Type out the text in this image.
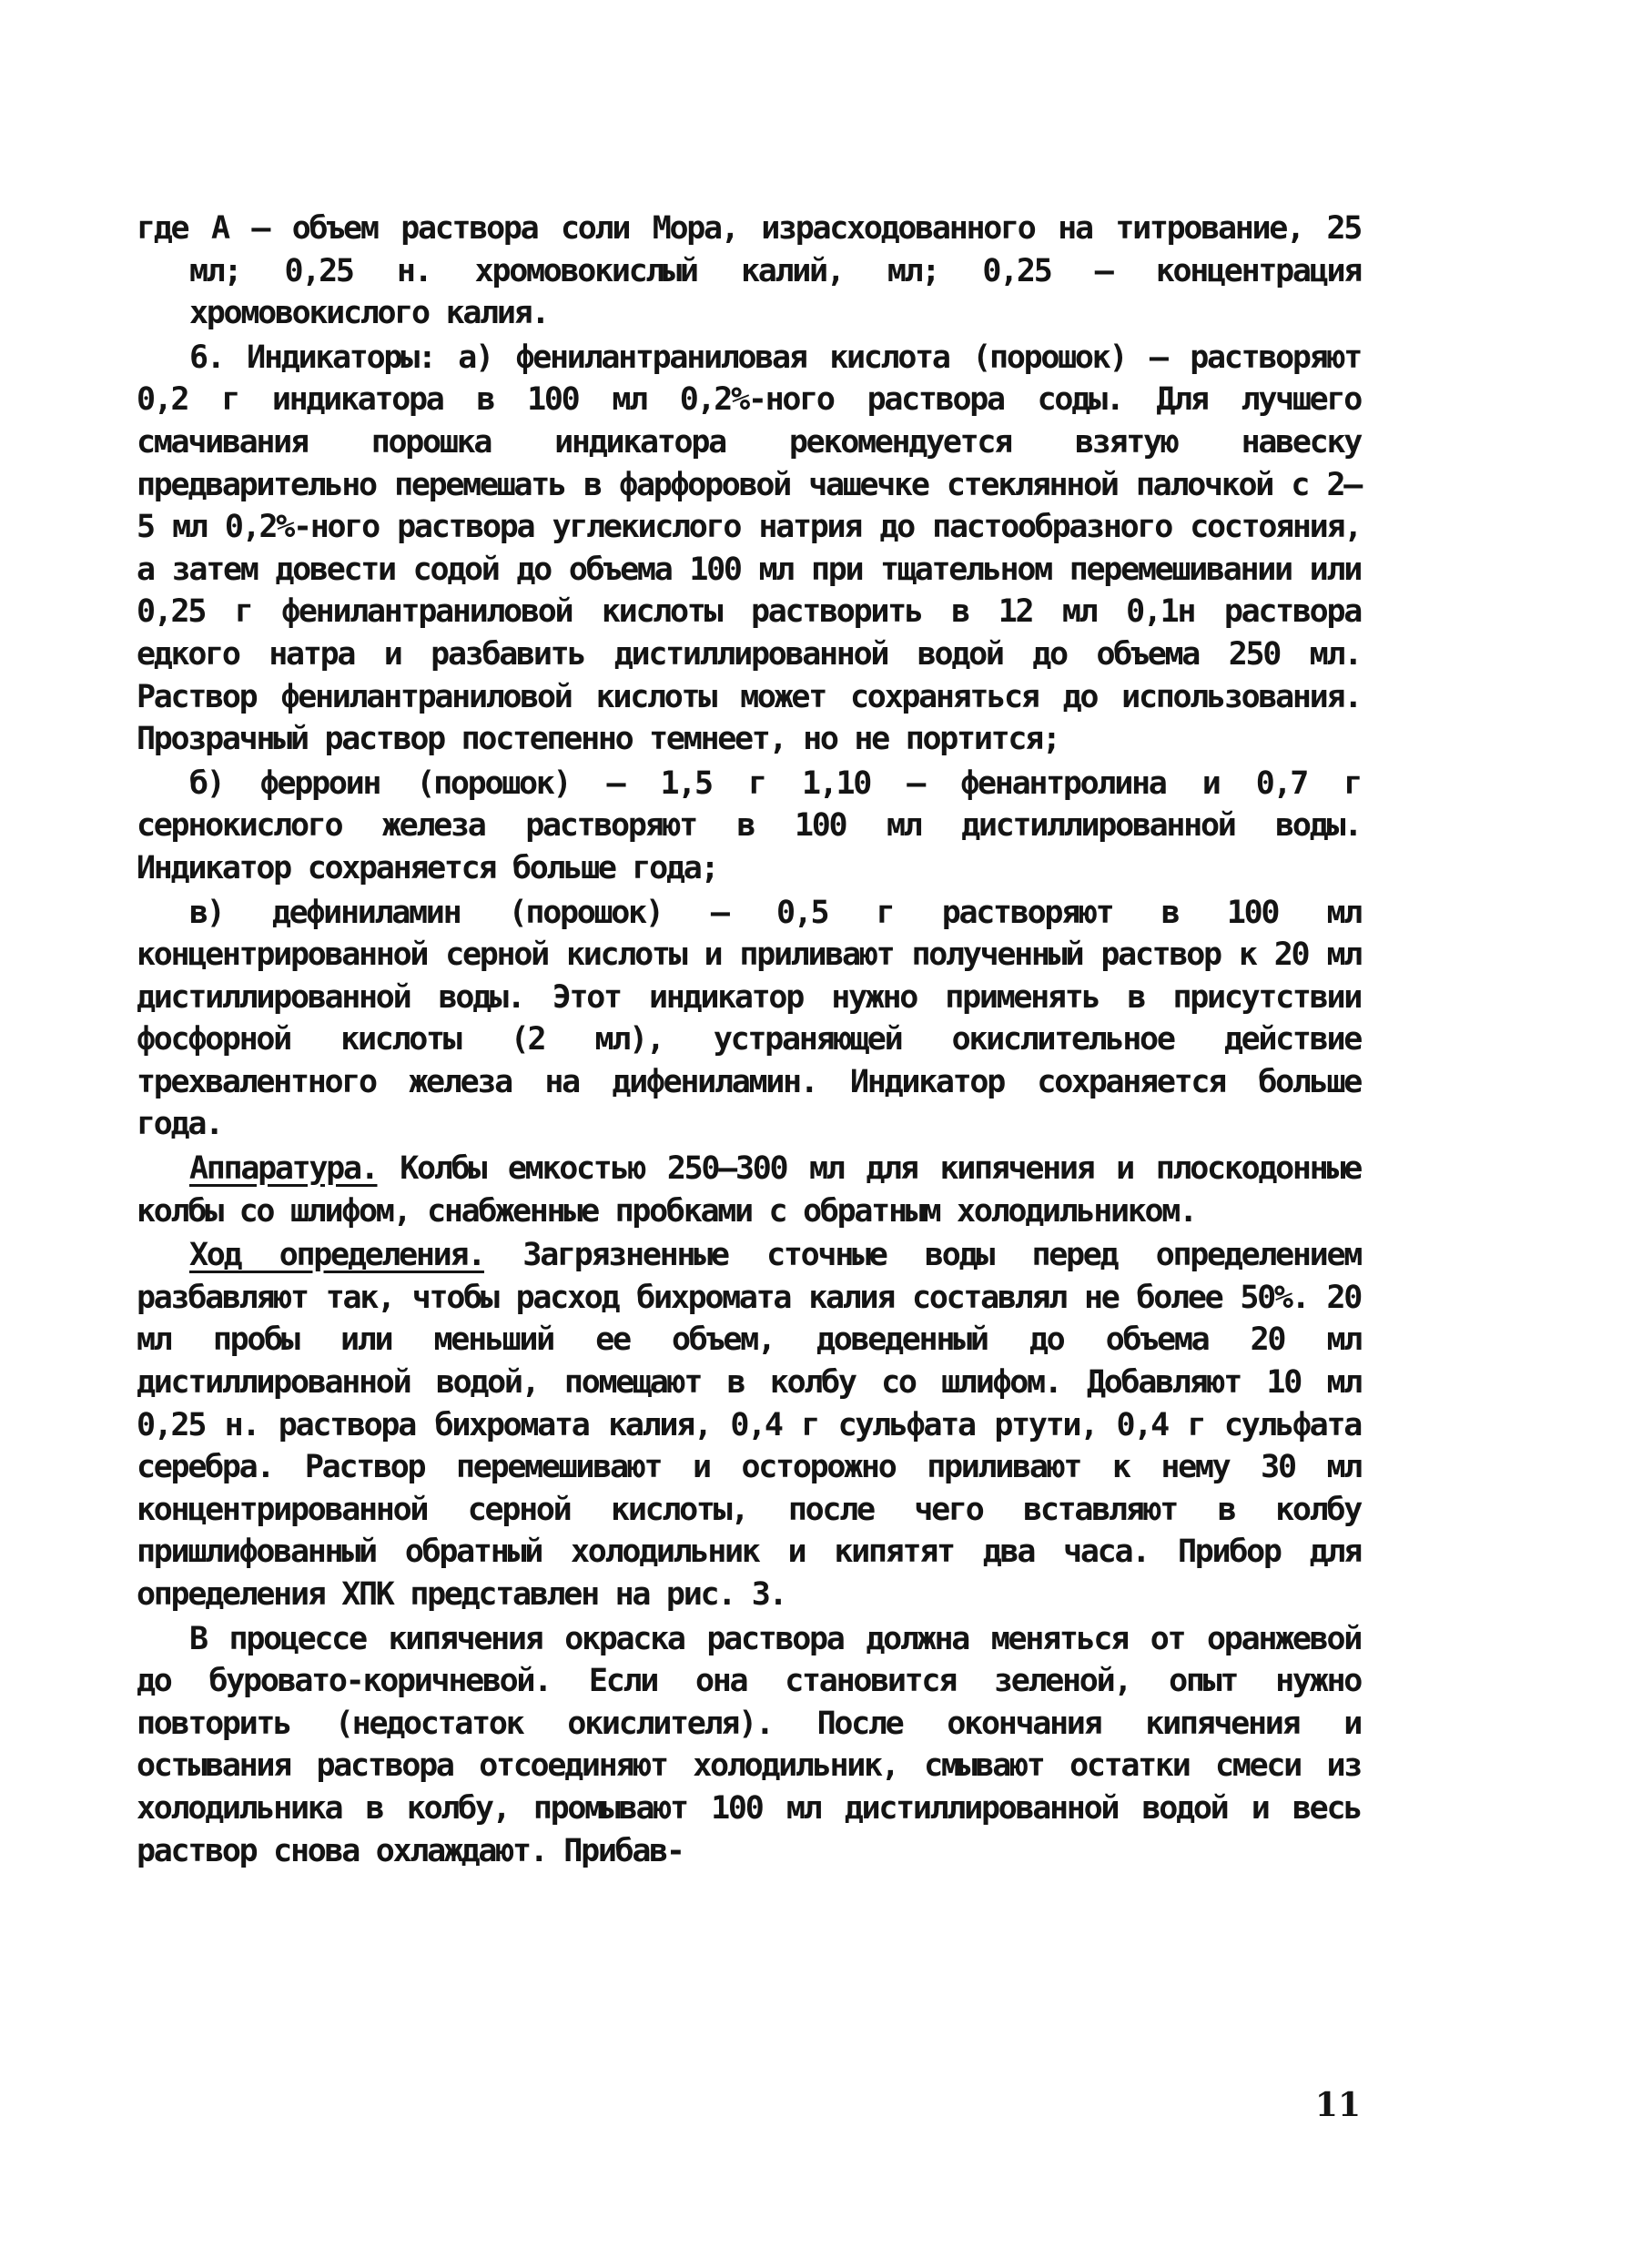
где А – объем раствора соли Мора, израсходованного на титрование, 25 мл; 0,25 н. хромовокислый калий, мл; 0,25 – концентрация хромовокислого калия.

6. Индикаторы: а) фенилантраниловая кислота (порошок) – растворяют 0,2 г индикатора в 100 мл 0,2%-ного раствора соды. Для лучшего смачивания порошка индикатора рекомендуется взятую навеску предварительно перемешать в фарфоровой чашечке стеклянной палочкой с 2–5 мл 0,2%-ного раствора углекислого натрия до пастообразного состояния, а затем довести содой до объема 100 мл при тщательном перемешивании или 0,25 г фенилантраниловой кислоты растворить в 12 мл 0,1н раствора едкого натра и разбавить дистиллированной водой до объема 250 мл. Раствор фенилантраниловой кислоты может сохраняться до использования. Прозрачный раствор постепенно темнеет, но не портится;

б) ферроин (порошок) – 1,5 г 1,10 – фенантролина и 0,7 г сернокислого железа растворяют в 100 мл дистиллированной воды. Индикатор сохраняется больше года;

в) дефиниламин (порошок) – 0,5 г растворяют в 100 мл концентрированной серной кислоты и приливают полученный раствор к 20 мл дистиллированной воды. Этот индикатор нужно применять в присутствии фосфорной кислоты (2 мл), устраняющей окислительное действие трехвалентного железа на дифениламин. Индикатор сохраняется больше года.

Аппаратура. Колбы емкостью 250–300 мл для кипячения и плоскодонные колбы со шлифом, снабженные пробками с обратным холодильником.

Ход определения. Загрязненные сточные воды перед определением разбавляют так, чтобы расход бихромата калия составлял не более 50%. 20 мл пробы или меньший ее объем, доведенный до объема 20 мл дистиллированной водой, помещают в колбу со шлифом. Добавляют 10 мл 0,25 н. раствора бихромата калия, 0,4 г сульфата ртути, 0,4 г сульфата серебра. Раствор перемешивают и осторожно приливают к нему 30 мл концентрированной серной кислоты, после чего вставляют в колбу пришлифованный обратный холодильник и кипятят два часа. Прибор для определения ХПК представлен на рис. 3.

В процессе кипячения окраска раствора должна меняться от оранжевой до буровато-коричневой. Если она становится зеленой, опыт нужно повторить (недостаток окислителя). После окончания кипячения и остывания раствора отсоединяют холодильник, смывают остатки смеси из холодильника в колбу, промывают 100 мл дистиллированной водой и весь раствор снова охлаждают. Прибав-

11
